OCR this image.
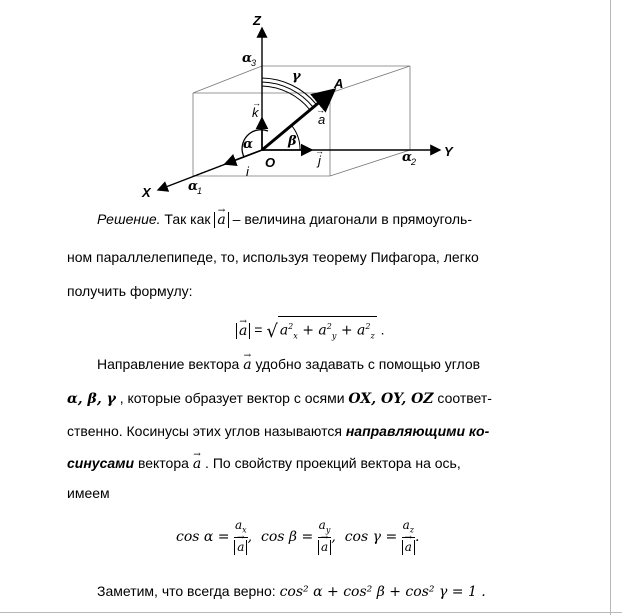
Z
Y
X
O
A
α
3
α
2
α
1
γ
β
α
k
→
j
→
a
→
i
Решение. Так как → a – величина диагонали в прямоуголь-
ном параллелепипеде, то, используя теорему Пифагора, легко
получить формулу:
→ a = √ $a^2_x + a^2_y + a^2_z$ .
Направление вектора → a удобно задавать с помощью углов
α, β, γ , которые образует вектор с осями OX, OY, OZ соответ-
ственно. Косинусы этих углов называются направляющими ко-
синусами вектора → a . По свойству проекций вектора на ось,
имеем
$\cos \alpha = a_x$
→ a ,  $\cos \beta = a_y$
→ a ,  $\cos \gamma = a_z$
→ a .
Заметим, что всегда верно: cos² α + cos² β + cos² γ = 1 .
